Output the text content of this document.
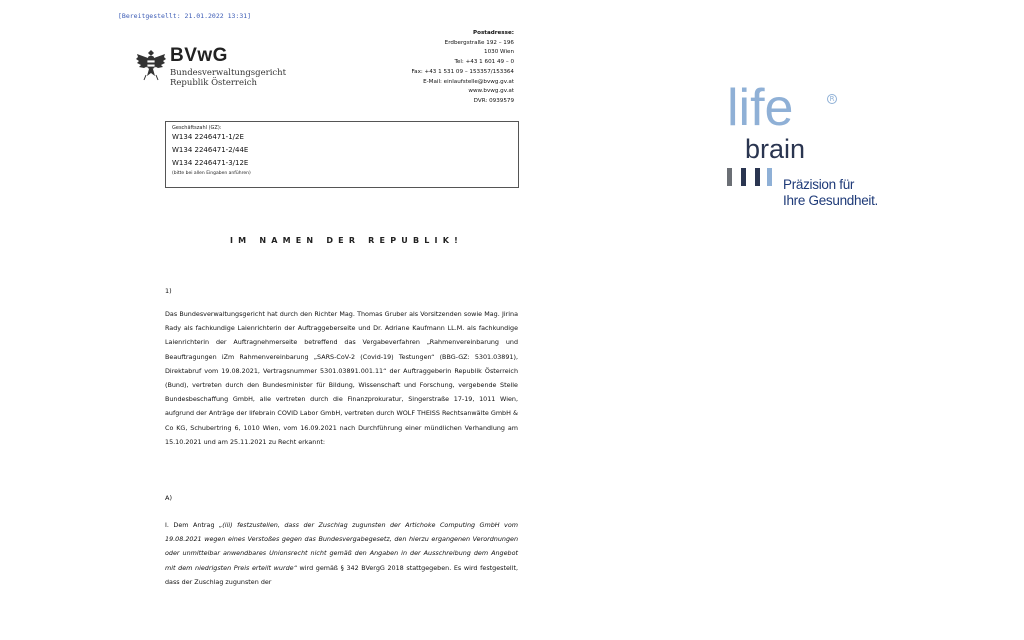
[Bereitgestellt: 21.01.2022 13:31]
BVwG
Bundesverwaltungsgericht
Republik Österreich
Postadresse:
Erdbergstraße 192 – 196
1030 Wien
Tel: +43 1 601 49 – 0
Fax: +43 1 531 09 – 153357/153364
E-Mail: einlaufstelle@bvwg.gv.at
www.bvwg.gv.at
DVR: 0939579
Geschäftszahl (GZ):
W134 2246471-1/2E
W134 2246471-2/44E
W134 2246471-3/12E
(bitte bei allen Eingaben anführen)
IM NAMEN DER REPUBLIK!
1)
Das Bundesverwaltungsgericht hat durch den Richter Mag. Thomas Gruber als Vorsitzenden sowie Mag. Jirina Rady als fachkundige Laienrichterin der Auftraggeberseite und Dr. Adriane Kaufmann LL.M. als fachkundige Laienrichterin der Auftragnehmerseite betreffend das Vergabeverfahren „Rahmenvereinbarung und Beauftragungen iZm Rahmenvereinbarung „SARS-CoV-2 (Covid-19) Testungen“ (BBG-GZ: 5301.03891), Direktabruf vom 19.08.2021, Vertragsnummer 5301.03891.001.11“ der Auftraggeberin Republik Österreich (Bund), vertreten durch den Bundesminister für Bildung, Wissenschaft und Forschung, vergebende Stelle Bundesbeschaffung GmbH, alle vertreten durch die Finanzprokuratur, Singerstraße 17-19, 1011 Wien, aufgrund der Anträge der lifebrain COVID Labor GmbH, vertreten durch WOLF THEISS Rechtsanwälte GmbH & Co KG, Schubertring 6, 1010 Wien, vom 16.09.2021 nach Durchführung einer mündlichen Verhandlung am 15.10.2021 und am 25.11.2021 zu Recht erkannt:
A)
I. Dem Antrag „(iii) festzustellen, dass der Zuschlag zugunsten der Artichoke Computing GmbH vom 19.08.2021 wegen eines Verstoßes gegen das Bundesvergabegesetz, den hierzu ergangenen Verordnungen oder unmittelbar anwendbares Unionsrecht nicht gemäß den Angaben in der Ausschreibung dem Angebot mit dem niedrigsten Preis erteilt wurde“ wird gemäß § 342 BVergG 2018 stattgegeben. Es wird festgestellt, dass der Zuschlag zugunsten der
life	R
brain
Präzision für
Ihre Gesundheit.
